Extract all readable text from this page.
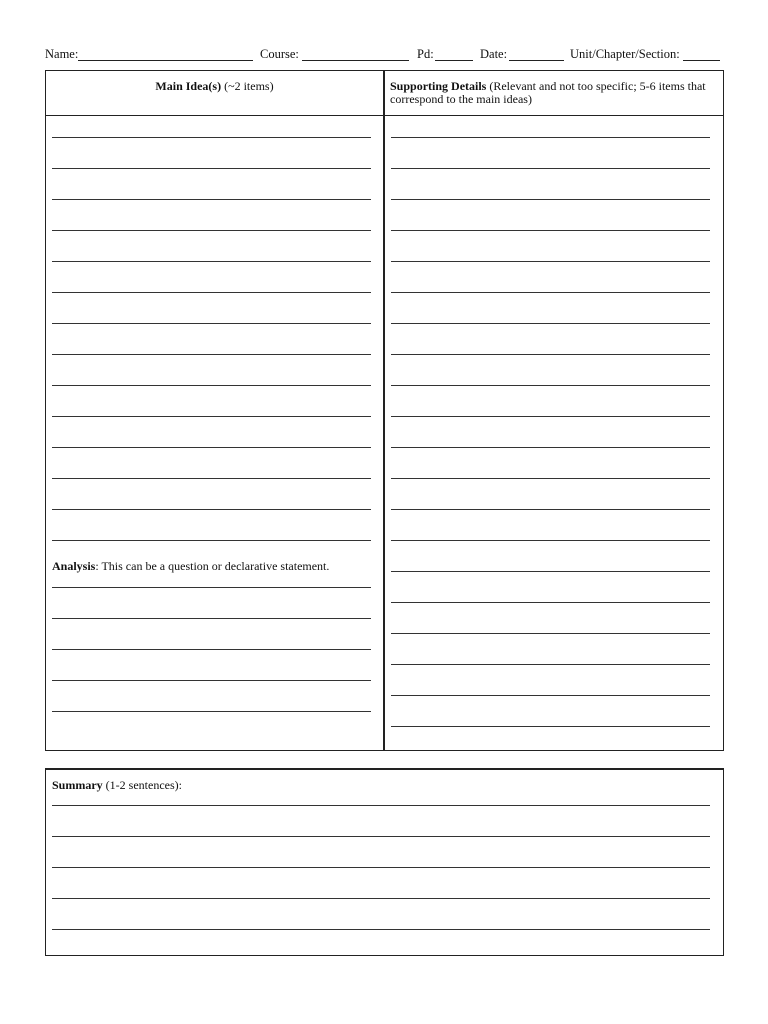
Name:	Course:	Pd:	Date:	Unit/Chapter/Section:
Main Idea(s) (~2 items)	Supporting Details (Relevant and not too specific; 5-6 items that correspond to the main ideas)
Analysis: This can be a question or declarative statement.
Summary (1-2 sentences):
